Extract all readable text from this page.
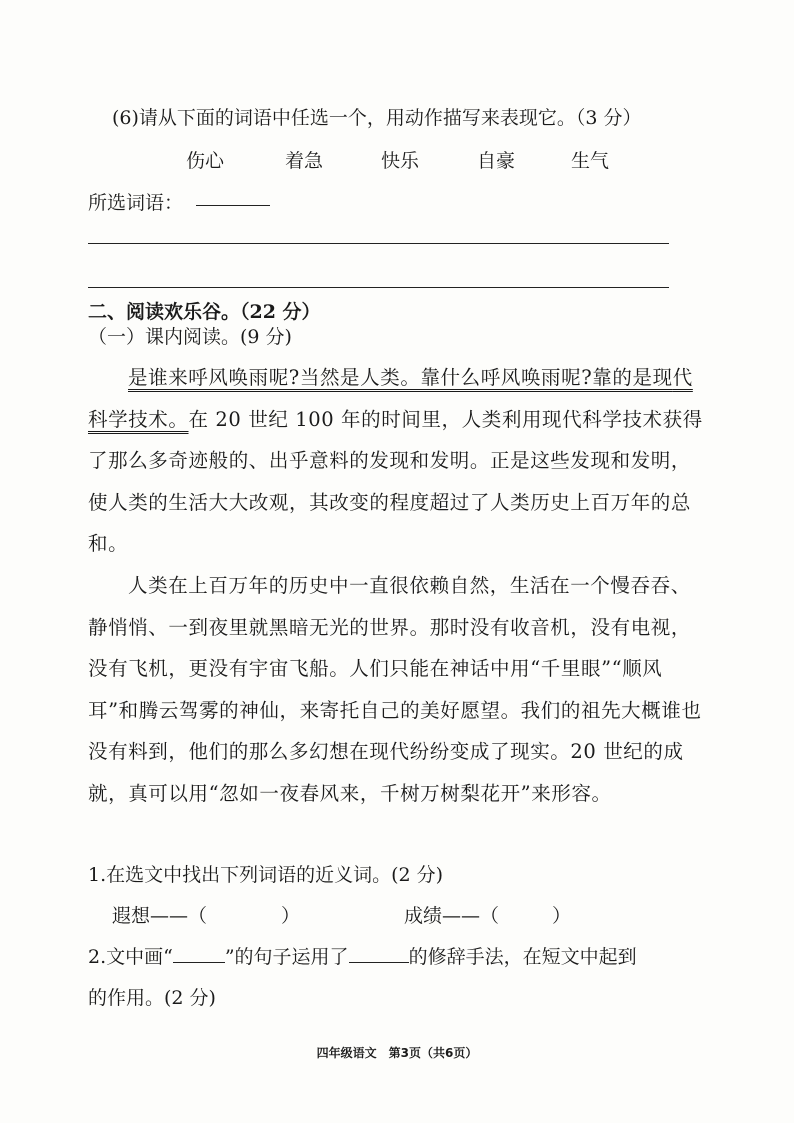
(6)请从下面的词语中任选一个，用动作描写来表现它。（3 分）
伤心	着急	快乐	自豪	生气
所选词语：
二、阅读欢乐谷。（22 分）
（一）课内阅读。(9 分)

是谁来呼风唤雨呢?当然是人类。靠什么呼风唤雨呢?靠的是现代科学技术。在 20 世纪 100 年的时间里，人类利用现代科学技术获得了那么多奇迹般的、出乎意料的发现和发明。正是这些发现和发明，使人类的生活大大改观，其改变的程度超过了人类历史上百万年的总和。

人类在上百万年的历史中一直很依赖自然，生活在一个慢吞吞、静悄悄、一到夜里就黑暗无光的世界。那时没有收音机，没有电视，没有飞机，更没有宇宙飞船。人们只能在神话中用“千里眼”“顺风耳”和腾云驾雾的神仙，来寄托自己的美好愿望。我们的祖先大概谁也没有料到，他们的那么多幻想在现代纷纷变成了现实。20 世纪的成就，真可以用“忽如一夜春风来，千树万树梨花开”来形容。

1.在选文中找出下列词语的近义词。(2 分)
遐想——（	）	成绩——（	）
2.文中画“	”的句子运用了	的修辞手法，在短文中起到
的作用。(2 分)
四年级语文　第3页（共6页）
